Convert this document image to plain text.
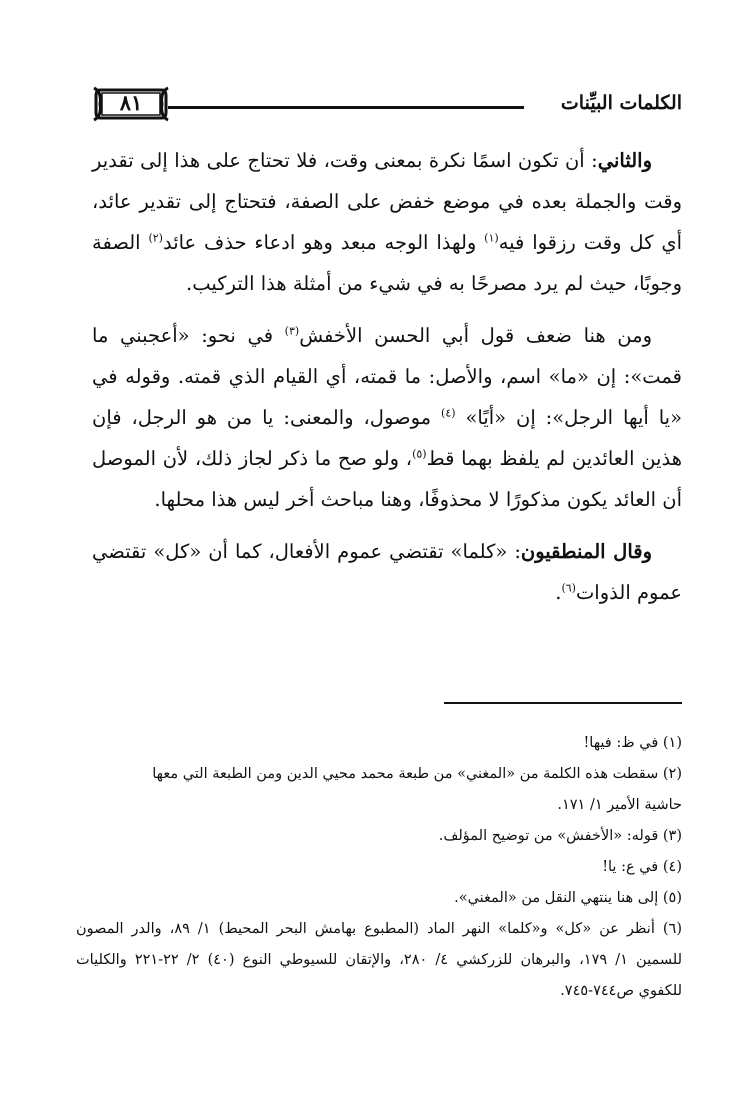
الكلمات البيِّنات
٨١

والثاني: أن تكون اسمًا نكرة بمعنى وقت، فلا تحتاج على هذا إلى تقدير وقت والجملة بعده في موضع خفض على الصفة، فتحتاج إلى تقدير عائد، أي كل وقت رزقوا فيه$^{(١)}$ ولهذا الوجه مبعد وهو ادعاء حذف عائد$^{(٢)}$ الصفة وجوبًا، حيث لم يرد مصرحًا به في شيء من أمثلة هذا التركيب.

ومن هنا ضعف قول أبي الحسن الأخفش$^{(٣)}$ في نحو: «أعجبني ما قمت»: إن «ما» اسم، والأصل: ما قمته، أي القيام الذي قمته. وقوله في «يا أيها الرجل»: إن «أيًا» $^{(٤)}$ موصول، والمعنى: يا من هو الرجل، فإن هذين العائدين لم يلفظ بهما قط$^{(٥)}$، ولو صح ما ذكر لجاز ذلك، لأن الموصل أن العائد يكون مذكورًا لا محذوفًا، وهنا مباحث أخر ليس هذا محلها.

وقال المنطقيون: «كلما» تقتضي عموم الأفعال، كما أن «كل» تقتضي عموم الذوات$^{(٦)}$.

(١) في ظ: فيها!

(٢) سقطت هذه الكلمة من «المغني» من طبعة محمد محيي الدين ومن الطبعة التي معها

حاشية الأمير ١/ ١٧١.

(٣) قوله: «الأخفش» من توضيح المؤلف.

(٤) في ع: يا!

(٥) إلى هنا ينتهي النقل من «المغني».

(٦) أنظر عن «كل» و«كلما» النهر الماد (المطبوع بهامش البحر المحيط) ١/ ٨٩، والدر المصون للسمين ١/ ١٧٩، والبرهان للزركشي ٤/ ٢٨٠، والإتقان للسيوطي النوع (٤٠) ٢/ ٢٢-٢٢١ والكليات للكفوي ص٧٤٤-٧٤٥.
